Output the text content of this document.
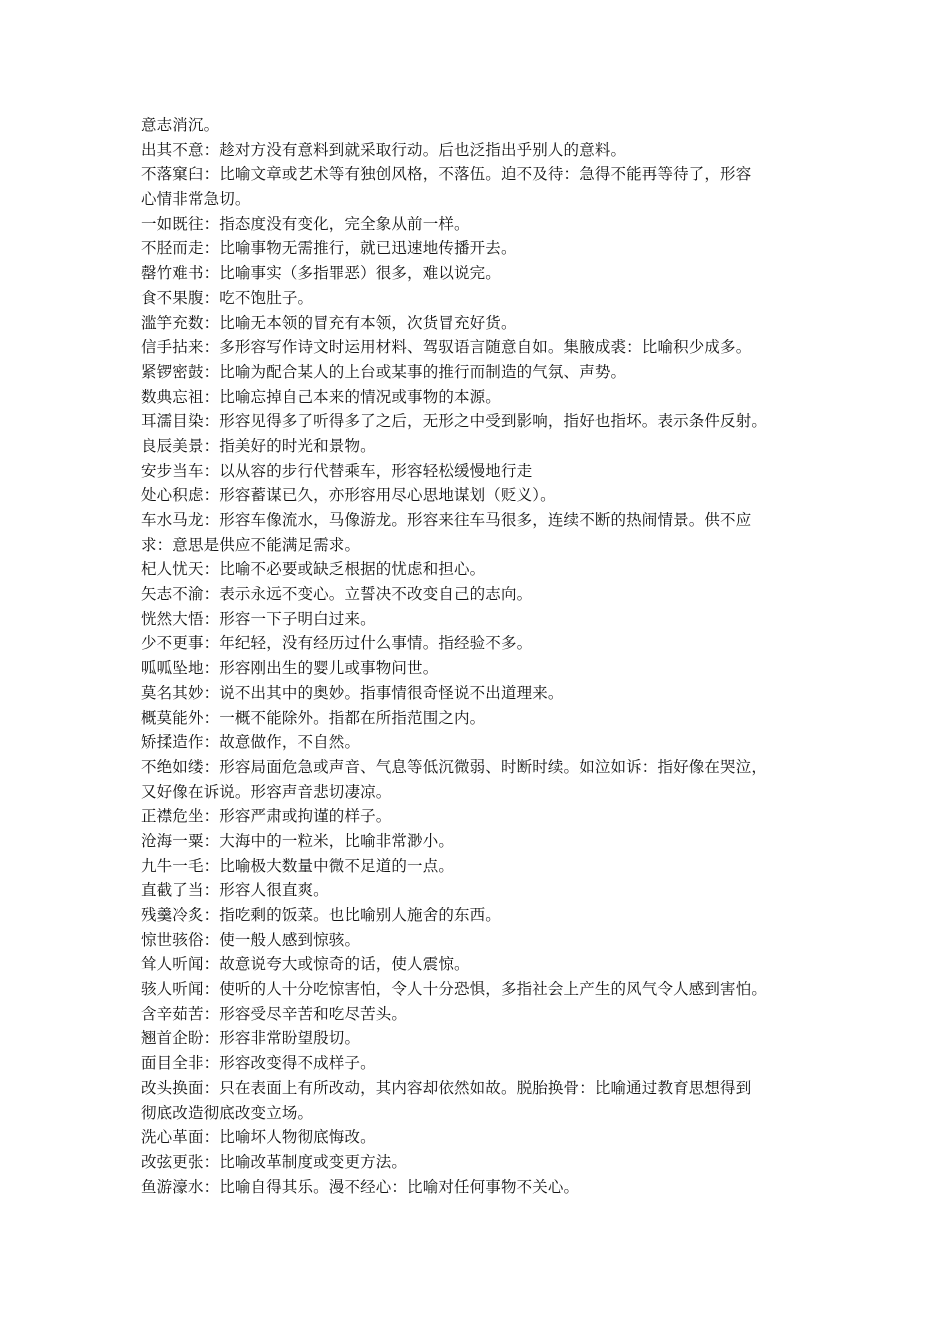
意志消沉。
出其不意：趁对方没有意料到就采取行动。后也泛指出乎别人的意料。
不落窠臼：比喻文章或艺术等有独创风格，不落伍。迫不及待：急得不能再等待了，形容
心情非常急切。
一如既往：指态度没有变化，完全象从前一样。
不胫而走：比喻事物无需推行，就已迅速地传播开去。
罄竹难书：比喻事实（多指罪恶）很多，难以说完。
食不果腹：吃不饱肚子。
滥竽充数：比喻无本领的冒充有本领，次货冒充好货。
信手拈来：多形容写作诗文时运用材料、驾驭语言随意自如。集腋成裘：比喻积少成多。
紧锣密鼓：比喻为配合某人的上台或某事的推行而制造的气氛、声势。
数典忘祖：比喻忘掉自己本来的情况或事物的本源。
耳濡目染：形容见得多了听得多了之后，无形之中受到影响，指好也指坏。表示条件反射。
良辰美景：指美好的时光和景物。
安步当车：以从容的步行代替乘车，形容轻松缓慢地行走
处心积虑：形容蓄谋已久，亦形容用尽心思地谋划（贬义）。
车水马龙：形容车像流水，马像游龙。形容来往车马很多，连续不断的热闹情景。供不应
求：意思是供应不能满足需求。
杞人忧天：比喻不必要或缺乏根据的忧虑和担心。
矢志不渝：表示永远不变心。立誓决不改变自己的志向。
恍然大悟：形容一下子明白过来。
少不更事：年纪轻，没有经历过什么事情。指经验不多。
呱呱坠地：形容刚出生的婴儿或事物问世。
莫名其妙：说不出其中的奥妙。指事情很奇怪说不出道理来。
概莫能外：一概不能除外。指都在所指范围之内。
矫揉造作：故意做作，不自然。
不绝如缕：形容局面危急或声音、气息等低沉微弱、时断时续。如泣如诉：指好像在哭泣，
又好像在诉说。形容声音悲切凄凉。
正襟危坐：形容严肃或拘谨的样子。
沧海一粟：大海中的一粒米，比喻非常渺小。
九牛一毛：比喻极大数量中微不足道的一点。
直截了当：形容人很直爽。
残羹冷炙：指吃剩的饭菜。也比喻别人施舍的东西。
惊世骇俗：使一般人感到惊骇。
耸人听闻：故意说夸大或惊奇的话，使人震惊。
骇人听闻：使听的人十分吃惊害怕，令人十分恐惧，多指社会上产生的风气令人感到害怕。
含辛茹苦：形容受尽辛苦和吃尽苦头。
翘首企盼：形容非常盼望殷切。
面目全非：形容改变得不成样子。
改头换面：只在表面上有所改动，其内容却依然如故。脱胎换骨：比喻通过教育思想得到
彻底改造彻底改变立场。
洗心革面：比喻坏人物彻底悔改。
改弦更张：比喻改革制度或变更方法。
鱼游濠水：比喻自得其乐。漫不经心：比喻对任何事物不关心。
